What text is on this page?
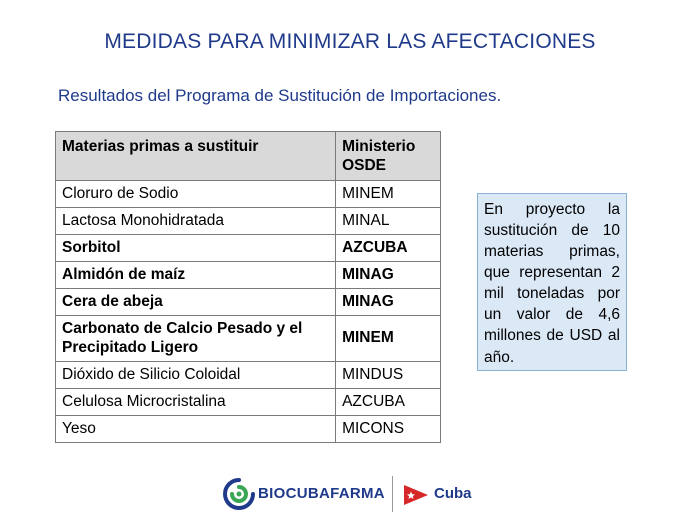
MEDIDAS PARA MINIMIZAR LAS AFECTACIONES
Resultados del Programa de Sustitución de Importaciones.
Materias primas a sustituir	Ministerio
OSDE
Cloruro de Sodio	MINEM
Lactosa Monohidratada	MINAL
Sorbitol	AZCUBA
Almidón de maíz	MINAG
Cera de abeja	MINAG
Carbonato de Calcio Pesado y el Precipitado Ligero	MINEM
Dióxido de Silicio Coloidal	MINDUS
Celulosa Microcristalina	AZCUBA
Yeso	MICONS
En proyecto la sustitución de 10 materias primas, que representan 2 mil toneladas por un valor de 4,6 millones de USD al año.
BIOCUBAFARMA	Cuba
